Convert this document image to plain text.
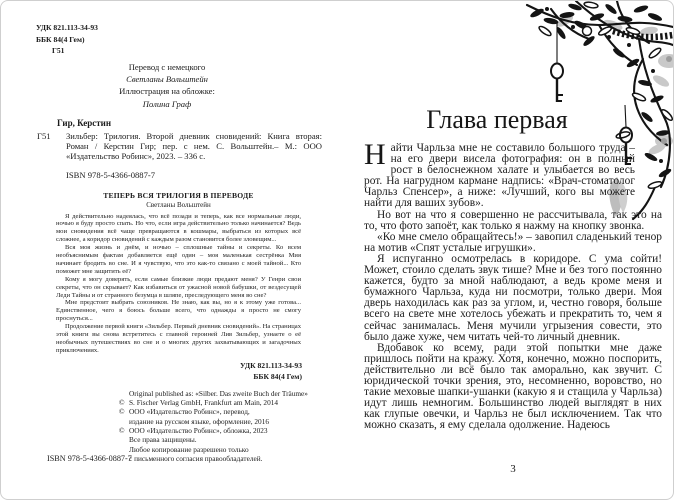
УДК 821.113-34-93
ББК 84(4 Гем)
Г51
Перевод с немецкого
Светланы Вольштейн
Иллюстрация на обложке:
Полина Граф
Гир, Керстин
Г51 Зильбер: Трилогия. Второй дневник сновидений: Книга вторая: Роман / Керстин Гир; пер. с нем. С. Вольштейн.– М.: ООО «Издательство Робинс», 2023. – 336 с.
ISBN 978-5-4366-0887-7
ТЕПЕРЬ ВСЯ ТРИЛОГИЯ В ПЕРЕВОДЕ
Светланы Вольштейн

Я действительно надеялась, что всё позади и теперь, как все нормальные люди, ночью я буду просто спать. Но что, если игра действительно только начинается? Ведь мои сновидения всё чаще превращаются в кошмары, выбраться из которых всё сложнее, а коридор сновидений с каждым разом становится более зловещим...

Вся моя жизнь и днём, и ночью – сплошные тайны и секреты. Ко всем необъяснимым фактам добавляется ещё один – моя маленькая сестрёнка Мия начинает бродить во сне. И я чувствую, что это как-то связано с моей тайной... Кто поможет мне защитить её?

Кому я могу доверять, если самые близкие люди предают меня? У Генри свои секреты, что он скрывает? Как избавиться от ужасной новой бабушки, от вездесущей Леди Тайны и от странного безумца в шляпе, преследующего меня во сне?

Мне предстоит выбрать союзников. Не знаю, как вы, но я к этому уже готова... Единственное, чего я боюсь больше всего, что однажды я просто не смогу проснуться...

Продолжение первой книги «Зильбер. Первый дневник сновидений». На страницах этой книги вы снова встретитесь с главной героиней Лив Зильбер, узнаете о её необычных путешествиях во сне и о многих других захватывающих и загадочных приключениях.

УДК 821.113-34-93
ББК 84(4 Гем)
Original published as: «Silber. Das zweite Buch der Träume»
© S. Fischer Verlag GmbH, Frankfurt am Main, 2014
© ООО «Издательство Робинс», перевод,
издание на русском языке, оформление, 2016
© ООО «Издательство Робинс», обложка, 2023
Все права защищены.
Любое копирование разрешено только
с письменного согласия правообладателей.
ISBN 978-5-4366-0887-7
Глава первая

Найти Чарльза мне не составило большого труда – на его двери висела фотография: он в полный рост в белоснежном халате и улыбается во весь рот. На нагрудном кармане надпись: «Врач-стоматолог Чарльз Спенсер», а ниже: «Лучший, кого вы можете найти для ваших зубов».

Но вот на что я совершенно не рассчитывала, так это на то, что фото запоёт, как только я нажму на кнопку звонка.

«Ко мне смело обращайтесь!» – завопил сладенький тенор на мотив «Спят усталые игрушки».

Я испуганно осмотрелась в коридоре. С ума сойти! Может, стоило сделать звук тише? Мне и без того постоянно кажется, будто за мной наблюдают, а ведь кроме меня и бумажного Чарльза, куда ни посмотри, только двери. Моя дверь находилась как раз за углом, и, честно говоря, больше всего на свете мне хотелось убежать и прекратить то, чем я сейчас занималась. Меня мучили угрызения совести, это было даже хуже, чем читать чей-то личный дневник.

Вдобавок ко всему, ради этой попытки мне даже пришлось пойти на кражу. Хотя, конечно, можно поспорить, действительно ли всё было так аморально, как звучит. С юридической точки зрения, это, несомненно, воровство, но такие меховые шапки-ушанки (какую я и стащила у Чарльза) идут лишь немногим. Большинство людей выглядят в них как глупые овечки, и Чарльз не был исключением. Так что можно сказать, я ему сделала одолжение. Надеюсь

3
